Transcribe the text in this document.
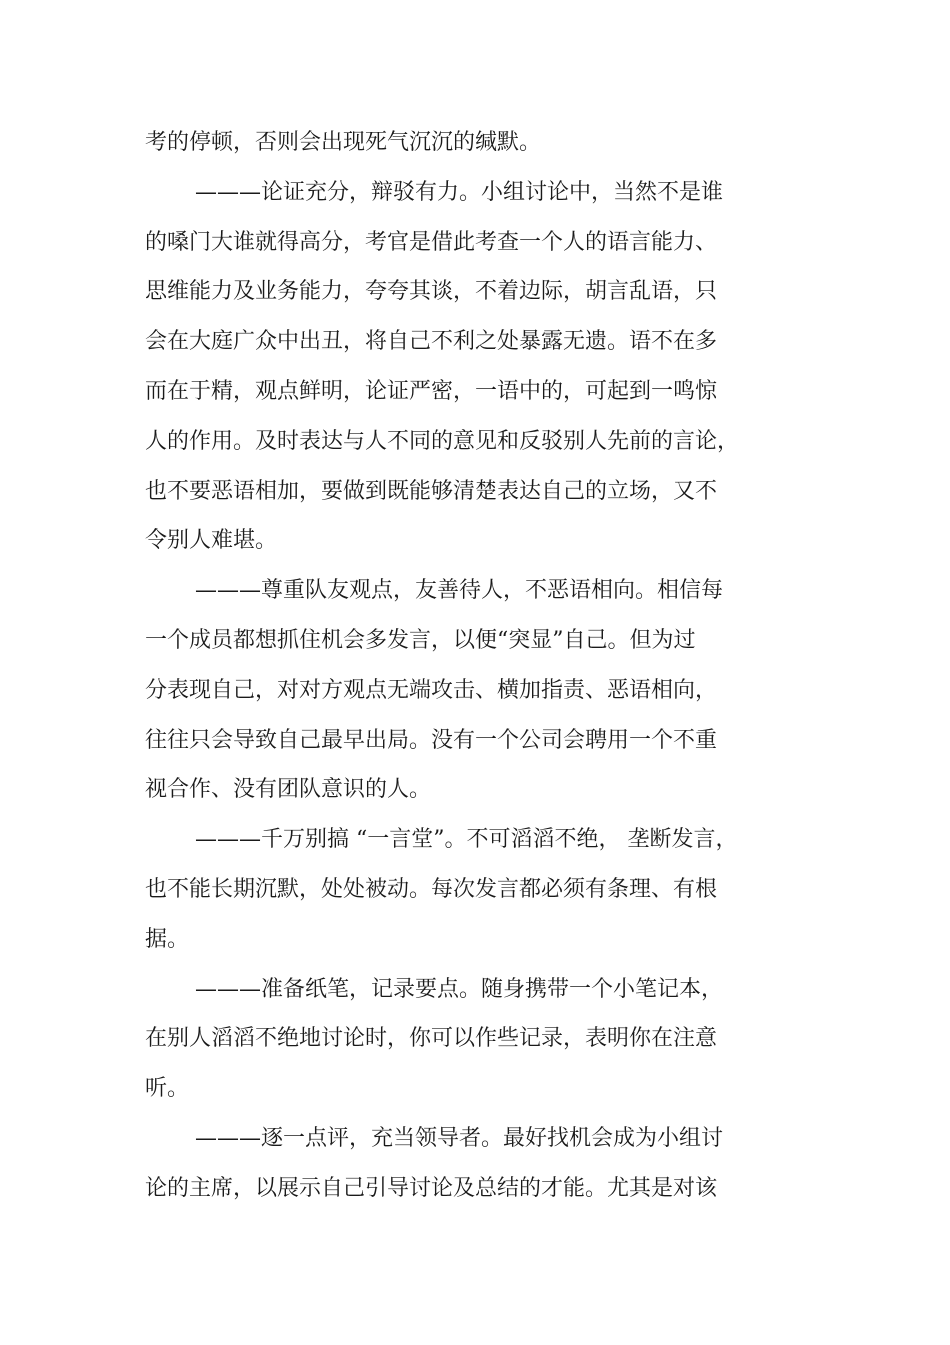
考的停顿，否则会出现死气沉沉的缄默。
———论证充分，辩驳有力。小组讨论中，当然不是谁
的嗓门大谁就得高分，考官是借此考查一个人的语言能力、
思维能力及业务能力，夸夸其谈，不着边际，胡言乱语，只
会在大庭广众中出丑，将自己不利之处暴露无遗。语不在多
而在于精，观点鲜明，论证严密，一语中的，可起到一鸣惊
人的作用。及时表达与人不同的意见和反驳别人先前的言论，
也不要恶语相加，要做到既能够清楚表达自己的立场，又不
令别人难堪。
———尊重队友观点，友善待人，不恶语相向。相信每
一个成员都想抓住机会多发言，以便“突显”自己。但为过
分表现自己，对对方观点无端攻击、横加指责、恶语相向，
往往只会导致自己最早出局。没有一个公司会聘用一个不重
视合作、没有团队意识的人。
———千万别搞 “一言堂”。不可滔滔不绝， 垄断发言，
也不能长期沉默，处处被动。每次发言都必须有条理、有根
据。
———准备纸笔，记录要点。随身携带一个小笔记本，
在别人滔滔不绝地讨论时，你可以作些记录，表明你在注意
听。
———逐一点评，充当领导者。最好找机会成为小组讨
论的主席，以展示自己引导讨论及总结的才能。尤其是对该
